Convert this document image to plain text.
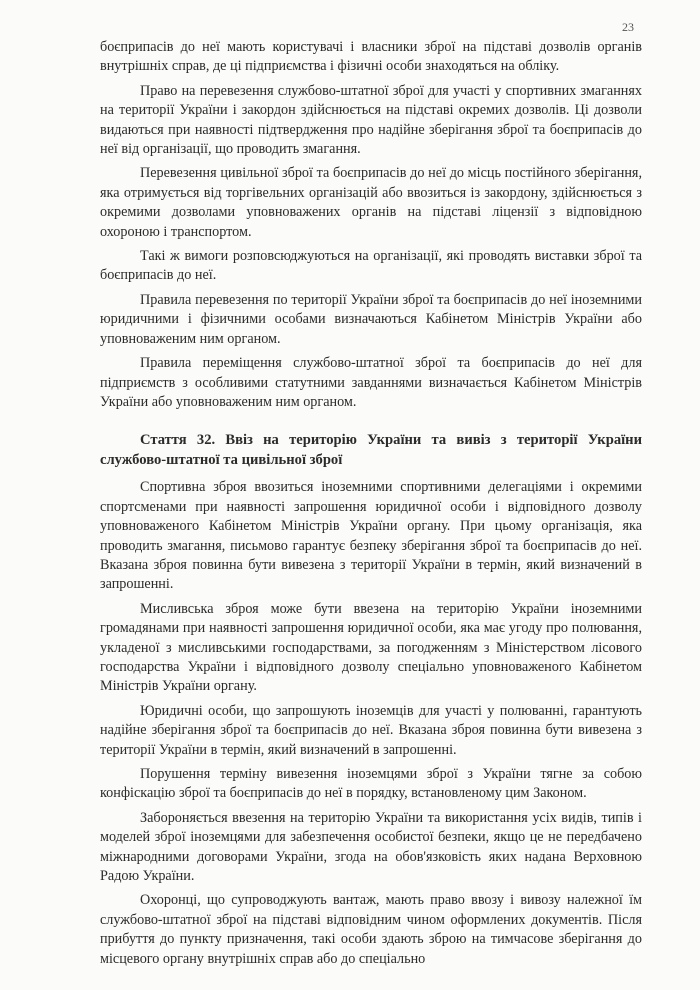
23

боєприпасів до неї мають користувачі і власники зброї на підставі дозволів органів внутрішніх справ, де ці підприємства і фізичні особи знаходяться на обліку.

Право на перевезення службово-штатної зброї для участі у спортивних змаганнях на території України і закордон здійснюється на підставі окремих дозволів. Ці дозволи видаються при наявності підтвердження про надійне зберігання зброї та боєприпасів до неї від організації, що проводить змагання.

Перевезення цивільної зброї та боєприпасів до неї до місць постійного зберігання, яка отримується від торгівельних організацій або ввозиться із закордону, здійснюється з окремими дозволами уповноважених органів на підставі ліцензії з відповідною охороною і транспортом.

Такі ж вимоги розповсюджуються на організації, які проводять виставки зброї та боєприпасів до неї.

Правила перевезення по території України зброї та боєприпасів до неї іноземними юридичними і фізичними особами визначаються Кабінетом Міністрів України або уповноваженим ним органом.

Правила переміщення службово-штатної зброї та боєприпасів до неї для підприємств з особливими статутними завданнями визначається Кабінетом Міністрів України або уповноваженим ним органом.

Стаття 32. Ввіз на територію України та вивіз з території України службово-штатної та цивільної зброї

Спортивна зброя ввозиться іноземними спортивними делегаціями і окремими спортсменами при наявності запрошення юридичної особи і відповідного дозволу уповноваженого Кабінетом Міністрів України органу. При цьому організація, яка проводить змагання, письмово гарантує безпеку зберігання зброї та боєприпасів до неї. Вказана зброя повинна бути вивезена з території України в термін, який визначений в запрошенні.

Мисливська зброя може бути ввезена на територію України іноземними громадянами при наявності запрошення юридичної особи, яка має угоду про полювання, укладеної з мисливськими господарствами, за погодженням з Міністерством лісового господарства України і відповідного дозволу спеціально уповноваженого Кабінетом Міністрів України органу.

Юридичні особи, що запрошують іноземців для участі у полюванні, гарантують надійне зберігання зброї та боєприпасів до неї. Вказана зброя повинна бути вивезена з території України в термін, який визначений в запрошенні.

Порушення терміну вивезення іноземцями зброї з України тягне за собою конфіскацію зброї та боєприпасів до неї в порядку, встановленому цим Законом.

Забороняється ввезення на територію України та використання усіх видів, типів і моделей зброї іноземцями для забезпечення особистої безпеки, якщо це не передбачено міжнародними договорами України, згода на обов'язковість яких надана Верховною Радою України.

Охоронці, що супроводжують вантаж, мають право ввозу і вивозу належної їм службово-штатної зброї на підставі відповідним чином оформлених документів. Після прибуття до пункту призначення, такі особи здають зброю на тимчасове зберігання до місцевого органу внутрішніх справ або до спеціально
